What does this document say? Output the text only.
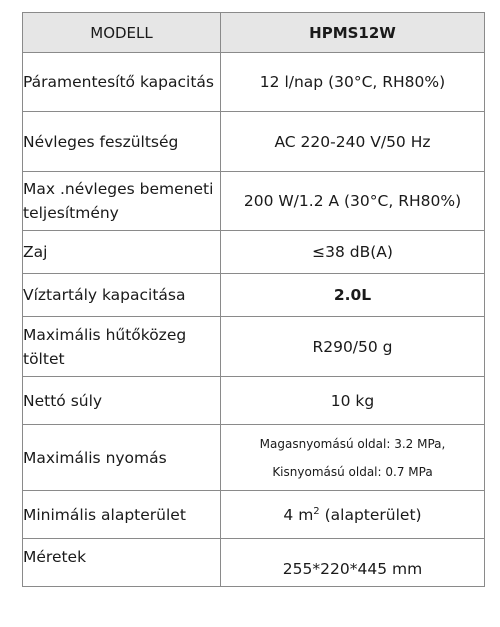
MODELL	HPMS12W
Páramentesítő kapacitás	12 l/nap (30°C, RH80%)
Névleges feszültség	AC 220-240 V/50 Hz
Max .névleges bemeneti teljesítmény	200 W/1.2 A (30°C, RH80%)
Zaj	≤38 dB(A)
Víztartály kapacitása	2.0L
Maximális hűtőközeg töltet	R290/50 g
Nettó súly	10 kg
Maximális nyomás	Magasnyomású oldal: 3.2 MPa,
Kisnyomású oldal: 0.7 MPa

Minimális alapterület	4 $m^2$ (alapterület)
Méretek	255*220*445 mm
